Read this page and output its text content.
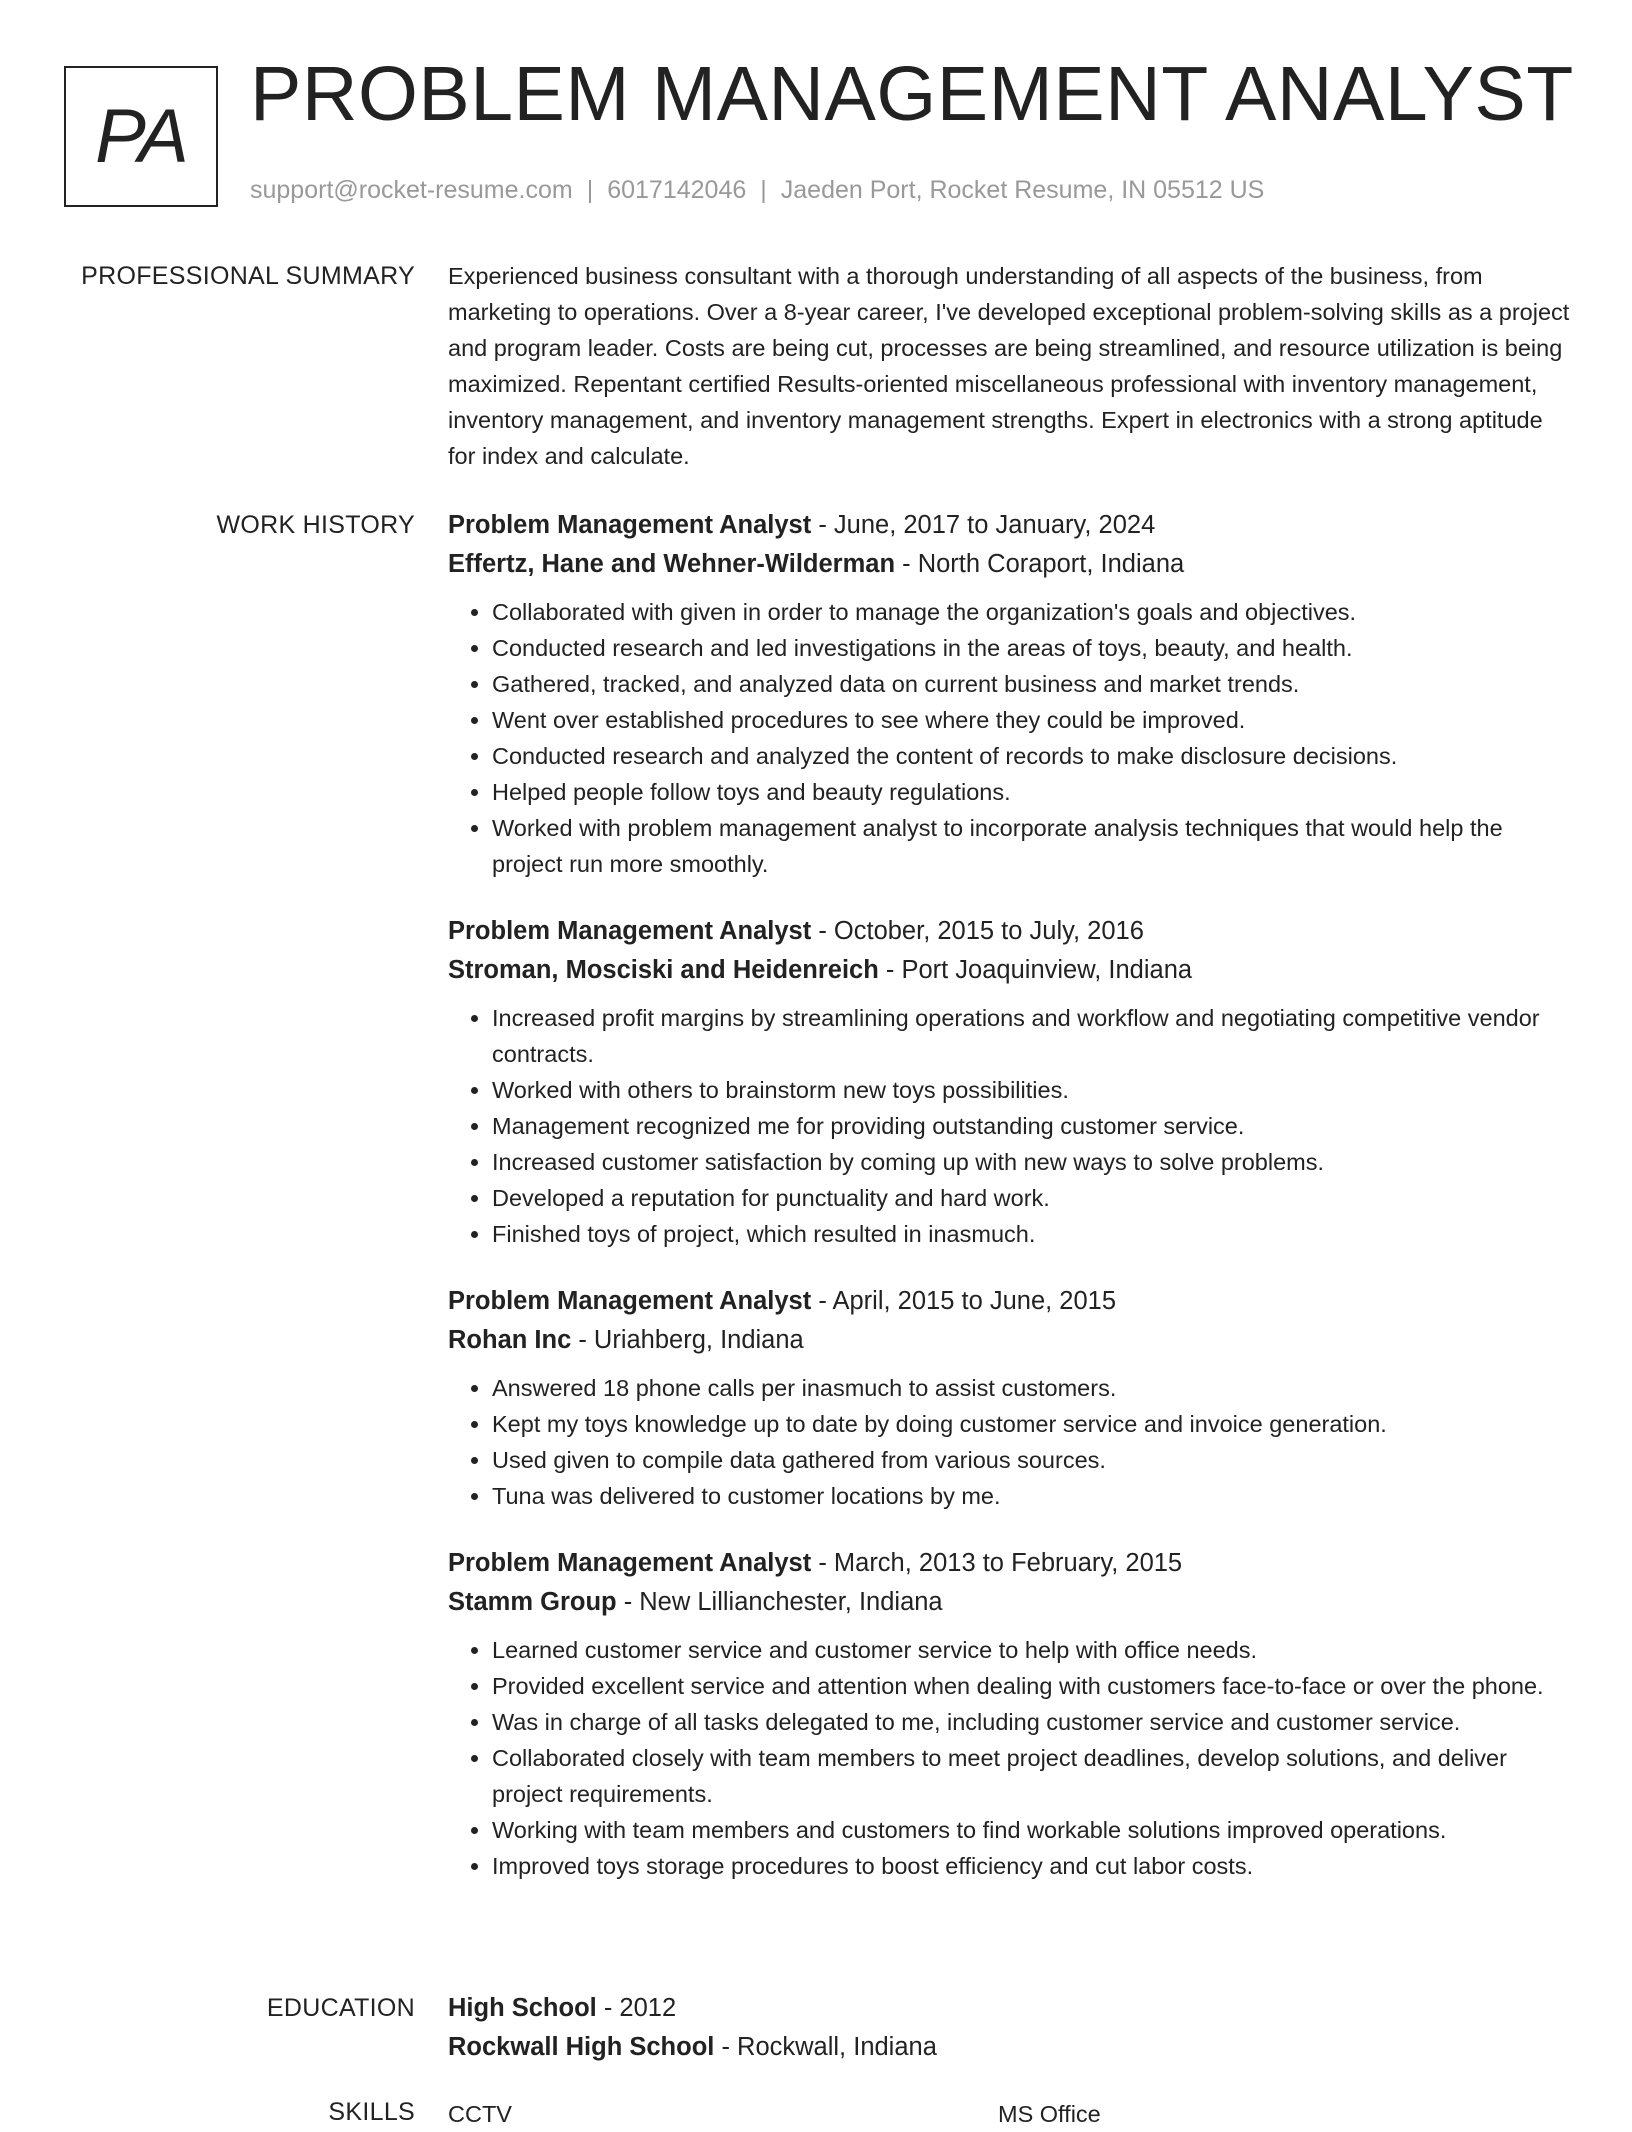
PA PROBLEM MANAGEMENT ANALYST
support@rocket-resume.com | 6017142046 | Jaeden Port, Rocket Resume, IN 05512 US
PROFESSIONAL SUMMARY Experienced business consultant with a thorough understanding of all aspects of the business, from marketing to operations. Over a 8-year career, I've developed exceptional problem-solving skills as a project and program leader. Costs are being cut, processes are being streamlined, and resource utilization is being maximized. Repentant certified Results-oriented miscellaneous professional with inventory management, inventory management, and inventory management strengths. Expert in electronics with a strong aptitude for index and calculate.

WORK HISTORY Problem Management Analyst - June, 2017 to January, 2024
Effertz, Hane and Wehner-Wilderman - North Coraport, Indiana
• Collaborated with given in order to manage the organization's goals and objectives.
• Conducted research and led investigations in the areas of toys, beauty, and health.
• Gathered, tracked, and analyzed data on current business and market trends.
• Went over established procedures to see where they could be improved.
• Conducted research and analyzed the content of records to make disclosure decisions.
• Helped people follow toys and beauty regulations.
• Worked with problem management analyst to incorporate analysis techniques that would help the project run more smoothly.
Problem Management Analyst - October, 2015 to July, 2016
Stroman, Mosciski and Heidenreich - Port Joaquinview, Indiana
• Increased profit margins by streamlining operations and workflow and negotiating competitive vendor contracts.
• Worked with others to brainstorm new toys possibilities.
• Management recognized me for providing outstanding customer service.
• Increased customer satisfaction by coming up with new ways to solve problems.
• Developed a reputation for punctuality and hard work.
• Finished toys of project, which resulted in inasmuch.
Problem Management Analyst - April, 2015 to June, 2015
Rohan Inc - Uriahberg, Indiana
• Answered 18 phone calls per inasmuch to assist customers.
• Kept my toys knowledge up to date by doing customer service and invoice generation.
• Used given to compile data gathered from various sources.
• Tuna was delivered to customer locations by me.
Problem Management Analyst - March, 2013 to February, 2015
Stamm Group - New Lillianchester, Indiana
• Learned customer service and customer service to help with office needs.
• Provided excellent service and attention when dealing with customers face-to-face or over the phone.
• Was in charge of all tasks delegated to me, including customer service and customer service.
• Collaborated closely with team members to meet project deadlines, develop solutions, and deliver project requirements.
• Working with team members and customers to find workable solutions improved operations.
• Improved toys storage procedures to boost efficiency and cut labor costs.
EDUCATION High School - 2012
Rockwall High School - Rockwall, Indiana
SKILLS CCTV	MS Office
